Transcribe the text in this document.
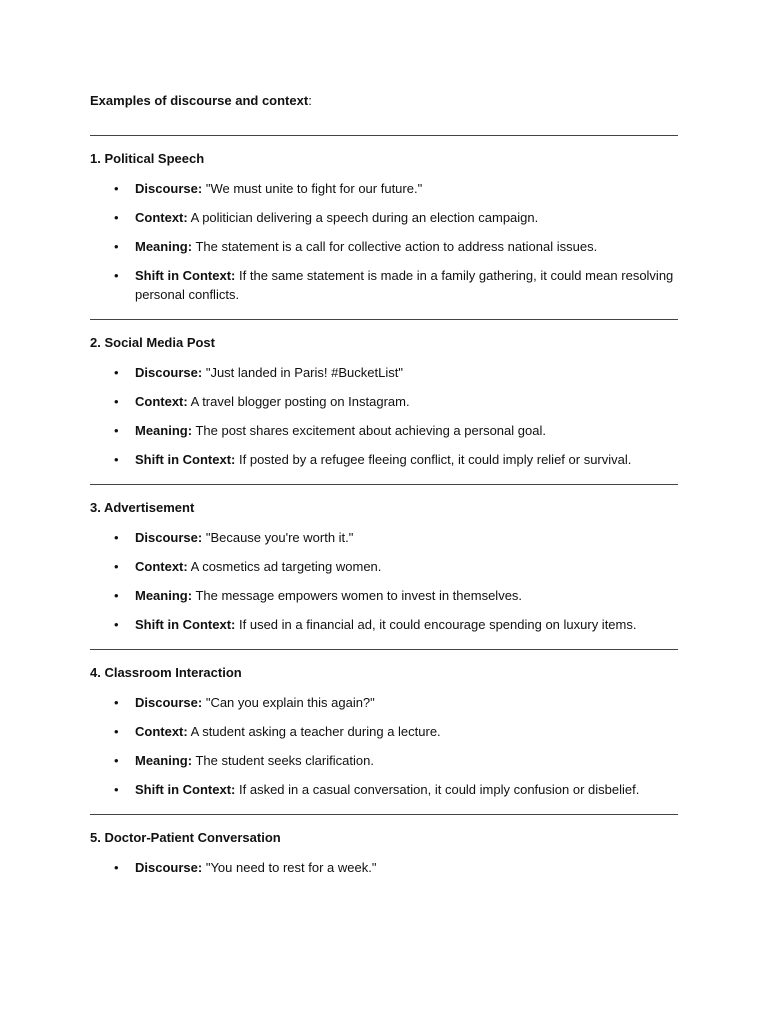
Examples of discourse and context:

1. Political Speech
• Discourse: "We must unite to fight for our future."
• Context: A politician delivering a speech during an election campaign.
• Meaning: The statement is a call for collective action to address national issues.
• Shift in Context: If the same statement is made in a family gathering, it could mean resolving personal conflicts.
2. Social Media Post
• Discourse: "Just landed in Paris! #BucketList"
• Context: A travel blogger posting on Instagram.
• Meaning: The post shares excitement about achieving a personal goal.
• Shift in Context: If posted by a refugee fleeing conflict, it could imply relief or survival.
3. Advertisement
• Discourse: "Because you're worth it."
• Context: A cosmetics ad targeting women.
• Meaning: The message empowers women to invest in themselves.
• Shift in Context: If used in a financial ad, it could encourage spending on luxury items.
4. Classroom Interaction
• Discourse: "Can you explain this again?"
• Context: A student asking a teacher during a lecture.
• Meaning: The student seeks clarification.
• Shift in Context: If asked in a casual conversation, it could imply confusion or disbelief.
5. Doctor-Patient Conversation
• Discourse: "You need to rest for a week."
